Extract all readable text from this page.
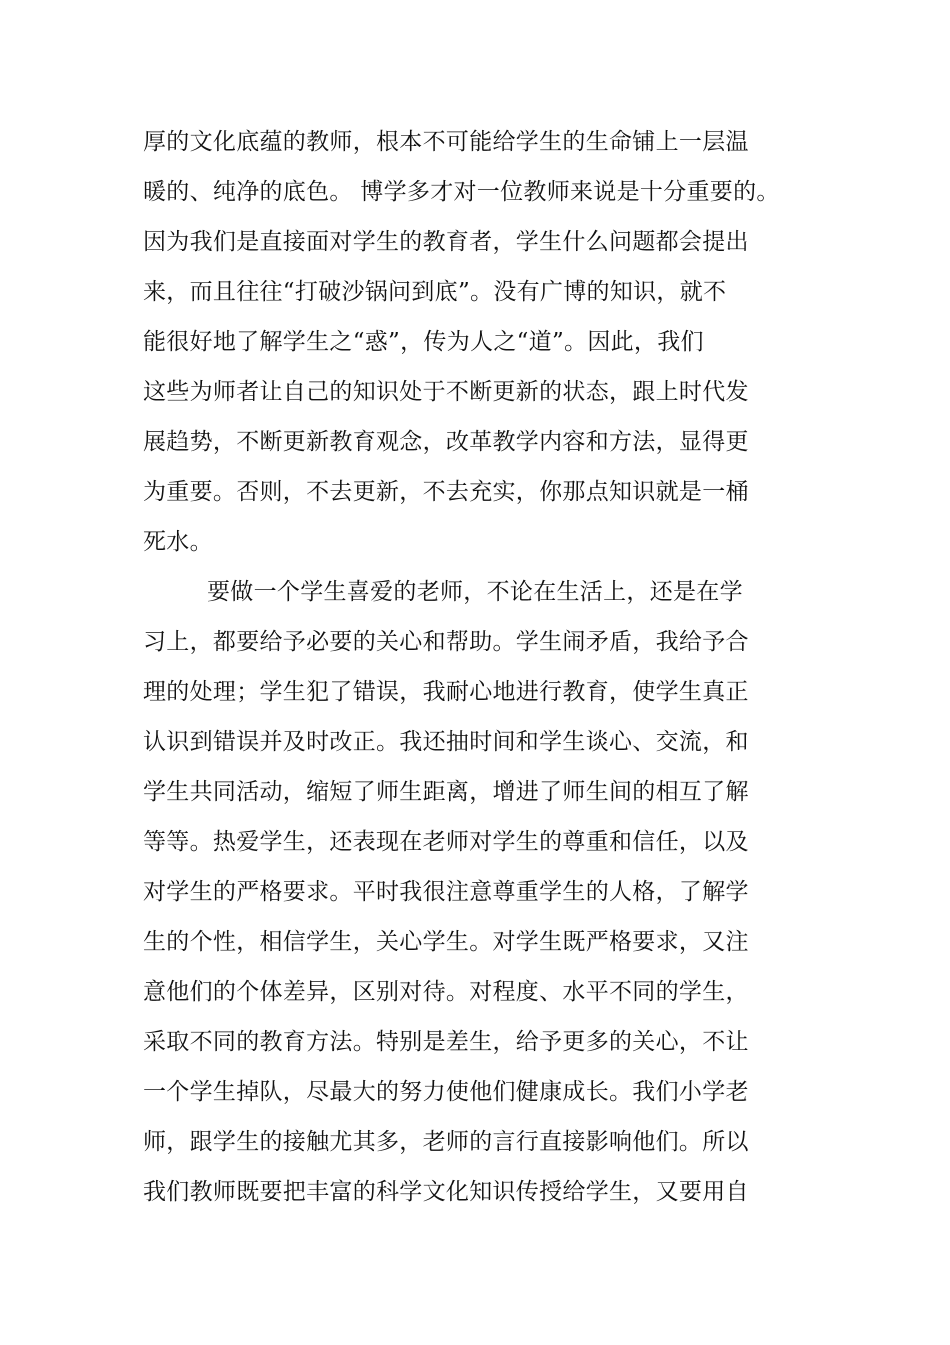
厚的文化底蕴的教师，根本不可能给学生的生命铺上一层温
暖的、纯净的底色。 博学多才对一位教师来说是十分重要的。
因为我们是直接面对学生的教育者，学生什么问题都会提出
来，而且往往“打破沙锅问到底”。没有广博的知识，就不
能很好地了解学生之“惑”，传为人之“道”。因此，我们
这些为师者让自己的知识处于不断更新的状态，跟上时代发
展趋势，不断更新教育观念，改革教学内容和方法，显得更
为重要。否则，不去更新，不去充实，你那点知识就是一桶
死水。
要做一个学生喜爱的老师，不论在生活上，还是在学
习上，都要给予必要的关心和帮助。学生闹矛盾，我给予合
理的处理；学生犯了错误，我耐心地进行教育，使学生真正
认识到错误并及时改正。我还抽时间和学生谈心、交流，和
学生共同活动，缩短了师生距离，增进了师生间的相互了解
等等。热爱学生，还表现在老师对学生的尊重和信任，以及
对学生的严格要求。平时我很注意尊重学生的人格，了解学
生的个性，相信学生，关心学生。对学生既严格要求，又注
意他们的个体差异，区别对待。对程度、水平不同的学生，
采取不同的教育方法。特别是差生，给予更多的关心，不让
一个学生掉队，尽最大的努力使他们健康成长。我们小学老
师，跟学生的接触尤其多，老师的言行直接影响他们。所以
我们教师既要把丰富的科学文化知识传授给学生，又要用自
